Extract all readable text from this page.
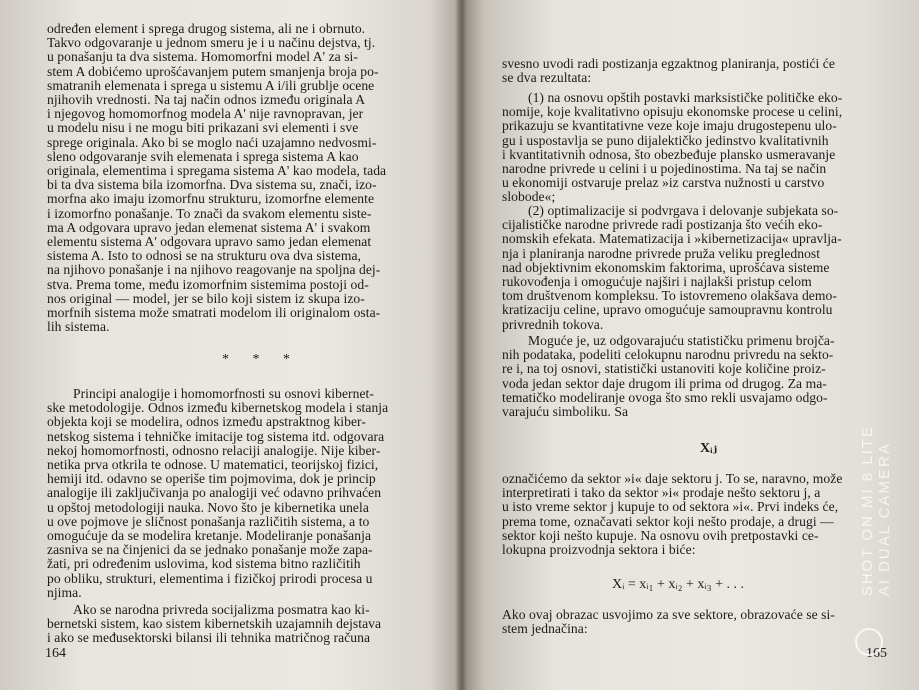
određen element i sprega drugog sistema, ali ne i obrnuto.

Takvo odgovaranje u jednom smeru je i u načinu dejstva, tj.

u ponašanju ta dva sistema. Homomorfni model A' za si-

stem A dobićemo uprošćavanjem putem smanjenja broja po-

smatranih elemenata i sprega u sistemu A i/ili grublje ocene

njihovih vrednosti. Na taj način odnos između originala A

i njegovog homomorfnog modela A' nije ravnopravan, jer

u modelu nisu i ne mogu biti prikazani svi elementi i sve

sprege originala. Ako bi se moglo naći uzajamno nedvosmi-

sleno odgovaranje svih elemenata i sprega sistema A kao

originala, elementima i spregama sistema A' kao modela, tada

bi ta dva sistema bila izomorfna. Dva sistema su, znači, izo-

morfna ako imaju izomorfnu strukturu, izomorfne elemente

i izomorfno ponašanje. To znači da svakom elementu siste-

ma A odgovara upravo jedan elemenat sistema A' i svakom

elementu sistema A' odgovara upravo samo jedan elemenat

sistema A. Isto to odnosi se na strukturu ova dva sistema,

na njihovo ponašanje i na njihovo reagovanje na spoljna dej-

stva. Prema tome, među izomorfnim sistemima postoji od-

nos original — model, jer se bilo koji sistem iz skupa izo-

morfnih sistema može smatrati modelom ili originalom osta-

lih sistema.

* * *

Principi analogije i homomorfnosti su osnovi kibernet-

ske metodologije. Odnos između kibernetskog modela i stanja

objekta koji se modelira, odnos između apstraktnog kiber-

netskog sistema i tehničke imitacije tog sistema itd. odgovara

nekoj homomorfnosti, odnosno relaciji analogije. Nije kiber-

netika prva otkrila te odnose. U matematici, teorijskoj fizici,

hemiji itd. odavno se operiše tim pojmovima, dok je princip

analogije ili zaključivanja po analogiji već odavno prihvaćen

u opštoj metodologiji nauka. Novo što je kibernetika unela

u ove pojmove je sličnost ponašanja različitih sistema, a to

omogućuje da se modelira kretanje. Modeliranje ponašanja

zasniva se na činjenici da se jednako ponašanje može zapa-

žati, pri određenim uslovima, kod sistema bitno različitih

po obliku, strukturi, elementima i fizičkoj prirodi procesa u

njima.

Ako se narodna privreda socijalizma posmatra kao ki-

bernetski sistem, kao sistem kibernetskih uzajamnih dejstava

i ako se međusektorski bilansi ili tehnika matričnog računa

164

svesno uvodi radi postizanja egzaktnog planiranja, postići će

se dva rezultata:

(1) na osnovu opštih postavki marksističke političke eko-

nomije, koje kvalitativno opisuju ekonomske procese u celini,

prikazuju se kvantitativne veze koje imaju drugostepenu ulo-

gu i uspostavlja se puno dijalektičko jedinstvo kvalitativnih

i kvantitativnih odnosa, što obezbeđuje plansko usmeravanje

narodne privrede u celini i u pojedinostima. Na taj se način

u ekonomiji ostvaruje prelaz »iz carstva nužnosti u carstvo

slobode«;

(2) optimalizacije si podvrgava i delovanje subjekata so-

cijalističke narodne privrede radi postizanja što većih eko-

nomskih efekata. Matematizacija i »kibernetizacija« upravlja-

nja i planiranja narodne privrede pruža veliku preglednost

nad objektivnim ekonomskim faktorima, uprošćava sisteme

rukovođenja i omogućuje najširi i najlakši pristup celom

tom društvenom kompleksu. To istovremeno olakšava demo-

kratizaciju celine, upravo omogućuje samoupravnu kontrolu

privrednih tokova.

Moguće je, uz odgovarajuću statističku primenu brojča-

nih podataka, podeliti celokupnu narodnu privredu na sekto-

re i, na toj osnovi, statistički ustanoviti koje količine proiz-

voda jedan sektor daje drugom ili prima od drugog. Za ma-

tematičko modeliranje ovoga što smo rekli usvajamo odgo-

varajuću simboliku. Sa

Xᵢⱼ

označićemo da sektor »i« daje sektoru j. To se, naravno, može

interpretirati i tako da sektor »i« prodaje nešto sektoru j, a

u isto vreme sektor j kupuje to od sektora »i«. Prvi indeks će,

prema tome, označavati sektor koji nešto prodaje, a drugi —

sektor koji nešto kupuje. Na osnovu ovih pretpostavki ce-

lokupna proizvodnja sektora i biće:

Xᵢ = xᵢ₁ + xᵢ₂ + xᵢ₃ + . . .

Ako ovaj obrazac usvojimo za sve sektore, obrazovaće se si-

stem jednačina:

165
SHOT ON MI 8 LITE
AI DUAL CAMERA
